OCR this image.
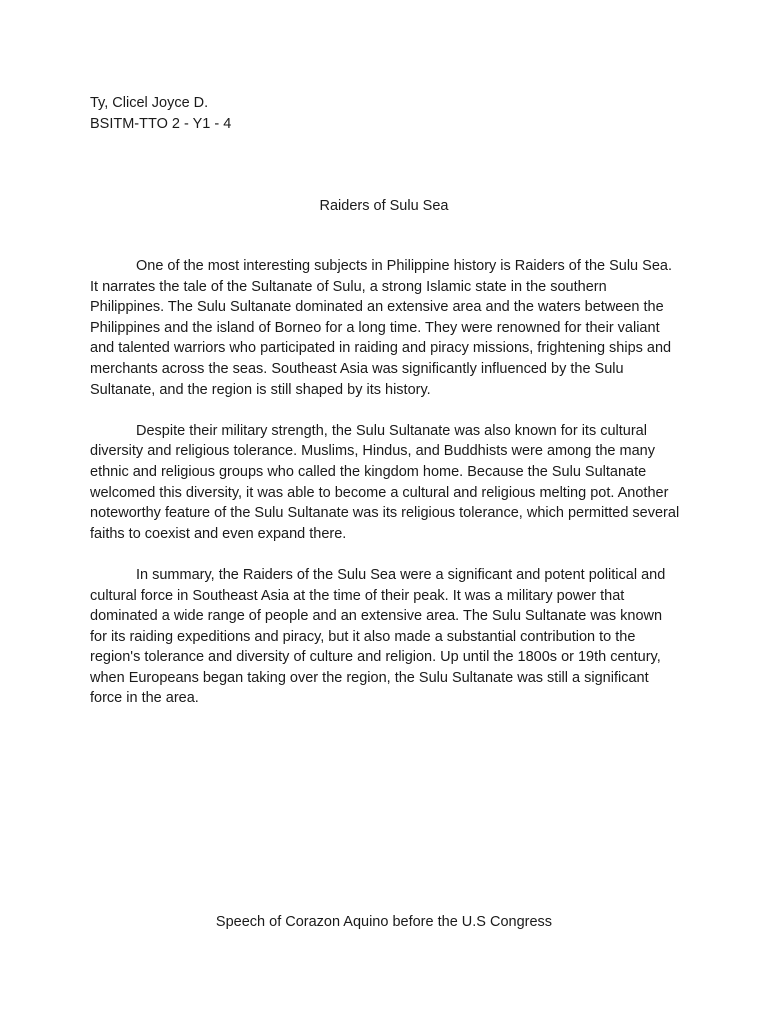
Ty, Clicel Joyce D.
BSITM-TTO 2 - Y1 - 4
Raiders of Sulu Sea

One of the most interesting subjects in Philippine history is Raiders of the Sulu Sea. It narrates the tale of the Sultanate of Sulu, a strong Islamic state in the southern Philippines. The Sulu Sultanate dominated an extensive area and the waters between the Philippines and the island of Borneo for a long time. They were renowned for their valiant and talented warriors who participated in raiding and piracy missions, frightening ships and merchants across the seas. Southeast Asia was significantly influenced by the Sulu Sultanate, and the region is still shaped by its history.

Despite their military strength, the Sulu Sultanate was also known for its cultural diversity and religious tolerance. Muslims, Hindus, and Buddhists were among the many ethnic and religious groups who called the kingdom home. Because the Sulu Sultanate welcomed this diversity, it was able to become a cultural and religious melting pot. Another noteworthy feature of the Sulu Sultanate was its religious tolerance, which permitted several faiths to coexist and even expand there.

In summary, the Raiders of the Sulu Sea were a significant and potent political and cultural force in Southeast Asia at the time of their peak. It was a military power that dominated a wide range of people and an extensive area. The Sulu Sultanate was known for its raiding expeditions and piracy, but it also made a substantial contribution to the region's tolerance and diversity of culture and religion. Up until the 1800s or 19th century, when Europeans began taking over the region, the Sulu Sultanate was still a significant force in the area.

Speech of Corazon Aquino before the U.S Congress
